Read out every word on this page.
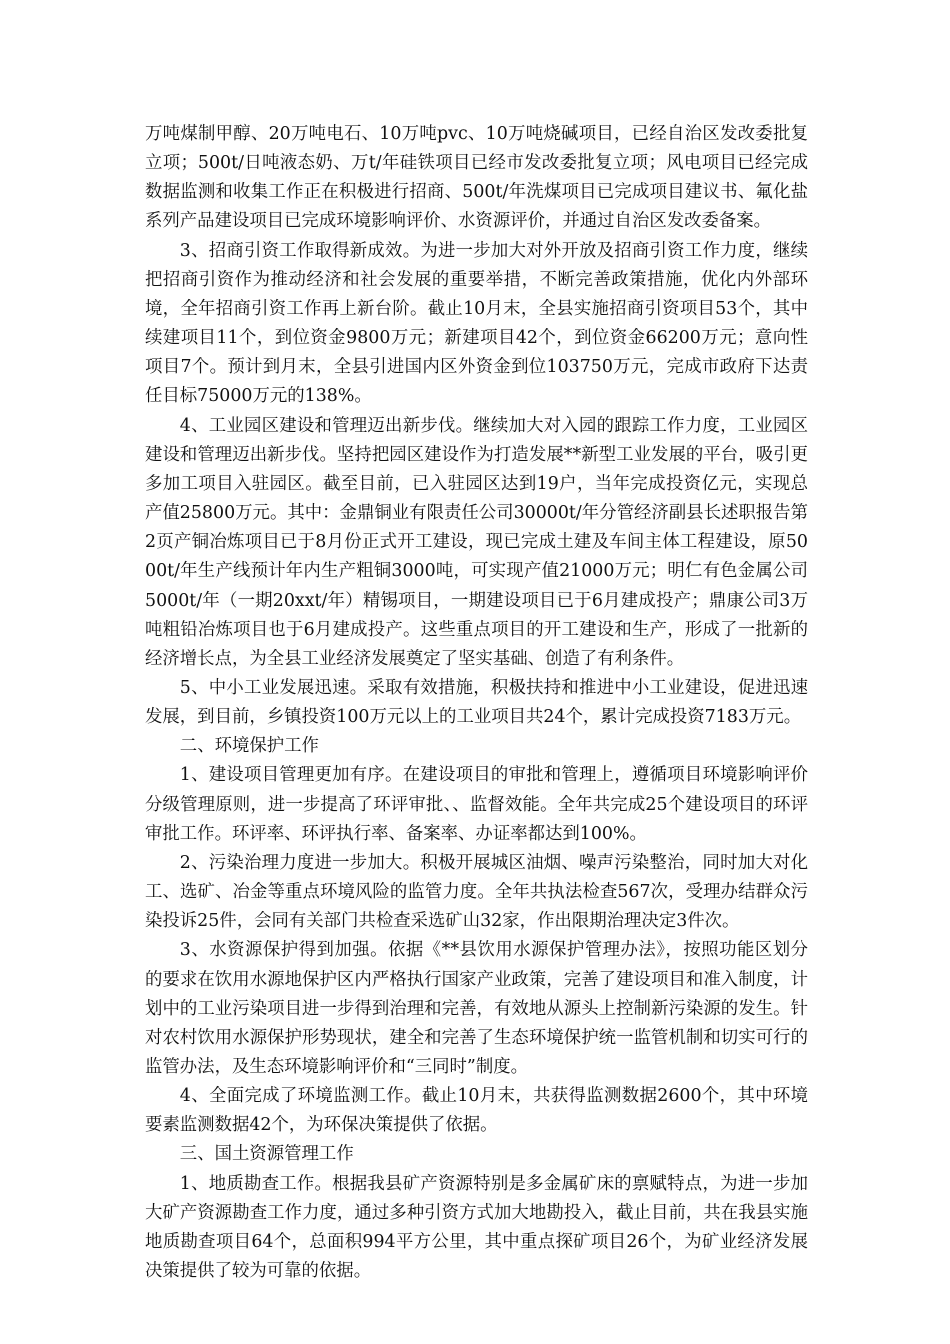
万吨煤制甲醇、20万吨电石、10万吨pvc、10万吨烧碱项目，已经自治区发改委批复立项；500t/日吨液态奶、万t/年硅铁项目已经市发改委批复立项；风电项目已经完成数据监测和收集工作正在积极进行招商、500t/年洗煤项目已完成项目建议书、氟化盐系列产品建设项目已完成环境影响评价、水资源评价，并通过自治区发改委备案。

3、招商引资工作取得新成效。为进一步加大对外开放及招商引资工作力度，继续把招商引资作为推动经济和社会发展的重要举措，不断完善政策措施，优化内外部环境，全年招商引资工作再上新台阶。截止10月末，全县实施招商引资项目53个，其中续建项目11个，到位资金9800万元；新建项目42个，到位资金66200万元；意向性项目7个。预计到月末，全县引进国内区外资金到位103750万元，完成市政府下达责任目标75000万元的138%。

4、工业园区建设和管理迈出新步伐。继续加大对入园的跟踪工作力度，工业园区建设和管理迈出新步伐。坚持把园区建设作为打造发展**新型工业发展的平台，吸引更多加工项目入驻园区。截至目前，已入驻园区达到19户，当年完成投资亿元，实现总产值25800万元。其中：金鼎铜业有限责任公司30000t/年分管经济副县长述职报告第2页产铜冶炼项目已于8月份正式开工建设，现已完成土建及车间主体工程建设，原5000t/年生产线预计年内生产粗铜3000吨，可实现产值21000万元；明仁有色金属公司5000t/年（一期20xxt/年）精锡项目，一期建设项目已于6月建成投产；鼎康公司3万吨粗铅冶炼项目也于6月建成投产。这些重点项目的开工建设和生产，形成了一批新的经济增长点，为全县工业经济发展奠定了坚实基础、创造了有利条件。

5、中小工业发展迅速。采取有效措施，积极扶持和推进中小工业建设，促进迅速发展，到目前，乡镇投资100万元以上的工业项目共24个，累计完成投资7183万元。

二、环境保护工作

1、建设项目管理更加有序。在建设项目的审批和管理上，遵循项目环境影响评价分级管理原则，进一步提高了环评审批、、监督效能。全年共完成25个建设项目的环评审批工作。环评率、环评执行率、备案率、办证率都达到100%。

2、污染治理力度进一步加大。积极开展城区油烟、噪声污染整治，同时加大对化工、选矿、冶金等重点环境风险的监管力度。全年共执法检查567次，受理办结群众污染投诉25件，会同有关部门共检查采选矿山32家，作出限期治理决定3件次。

3、水资源保护得到加强。依据《**县饮用水源保护管理办法》，按照功能区划分的要求在饮用水源地保护区内严格执行国家产业政策，完善了建设项目和准入制度，计划中的工业污染项目进一步得到治理和完善，有效地从源头上控制新污染源的发生。针对农村饮用水源保护形势现状，建全和完善了生态环境保护统一监管机制和切实可行的监管办法，及生态环境影响评价和“三同时”制度。

4、全面完成了环境监测工作。截止10月末，共获得监测数据2600个，其中环境要素监测数据42个，为环保决策提供了依据。

三、国土资源管理工作

1、地质勘查工作。根据我县矿产资源特别是多金属矿床的禀赋特点，为进一步加大矿产资源勘查工作力度，通过多种引资方式加大地勘投入，截止目前，共在我县实施地质勘查项目64个，总面积994平方公里，其中重点探矿项目26个，为矿业经济发展决策提供了较为可靠的依据。
